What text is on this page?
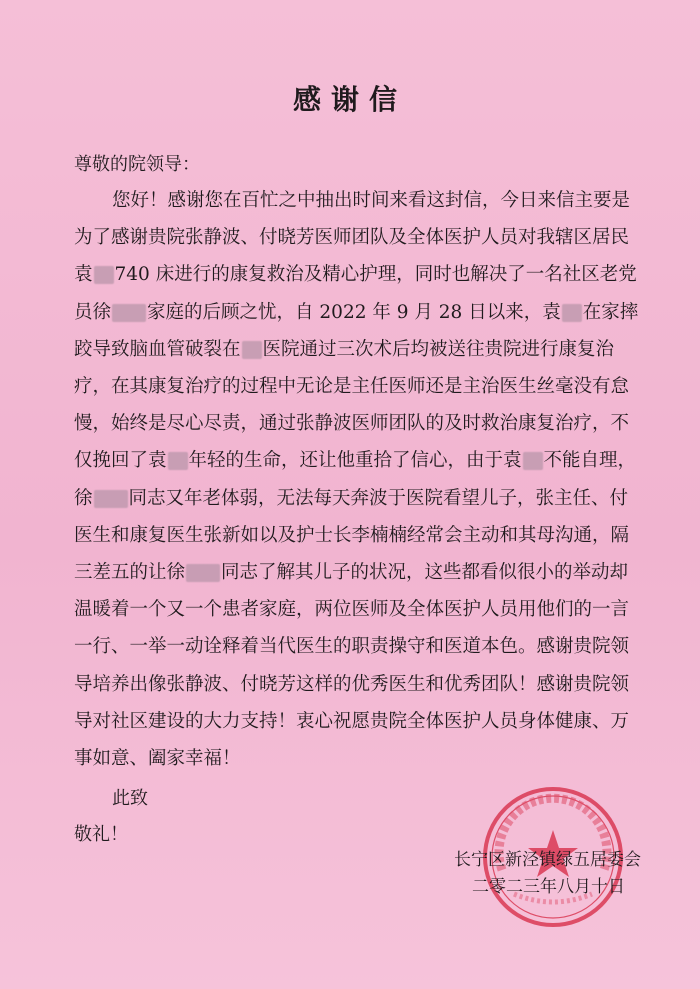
感谢信
尊敬的院领导：
您好！感谢您在百忙之中抽出时间来看这封信，今日来信主要是
为了感谢贵院张静波、付晓芳医师团队及全体医护人员对我辖区居民
袁 740 床进行的康复救治及精心护理，同时也解决了一名社区老党
员徐 家庭的后顾之忧，自 2022 年 9 月 28 日以来，袁 在家摔
跤导致脑血管破裂在 医院通过三次术后均被送往贵院进行康复治
疗，在其康复治疗的过程中无论是主任医师还是主治医生丝毫没有怠
慢，始终是尽心尽责，通过张静波医师团队的及时救治康复治疗，不
仅挽回了袁 年轻的生命，还让他重拾了信心，由于袁 不能自理，
徐 同志又年老体弱，无法每天奔波于医院看望儿子，张主任、付
医生和康复医生张新如以及护士长李楠楠经常会主动和其母沟通，隔
三差五的让徐 同志了解其儿子的状况，这些都看似很小的举动却
温暖着一个又一个患者家庭，两位医师及全体医护人员用他们的一言
一行、一举一动诠释着当代医生的职责操守和医道本色。感谢贵院领
导培养出像张静波、付晓芳这样的优秀医生和优秀团队！感谢贵院领
导对社区建设的大力支持！衷心祝愿贵院全体医护人员身体健康、万
事如意、阖家幸福！
此致
敬礼！
长宁区新泾镇绿五居委会
二零二三年八月十日
